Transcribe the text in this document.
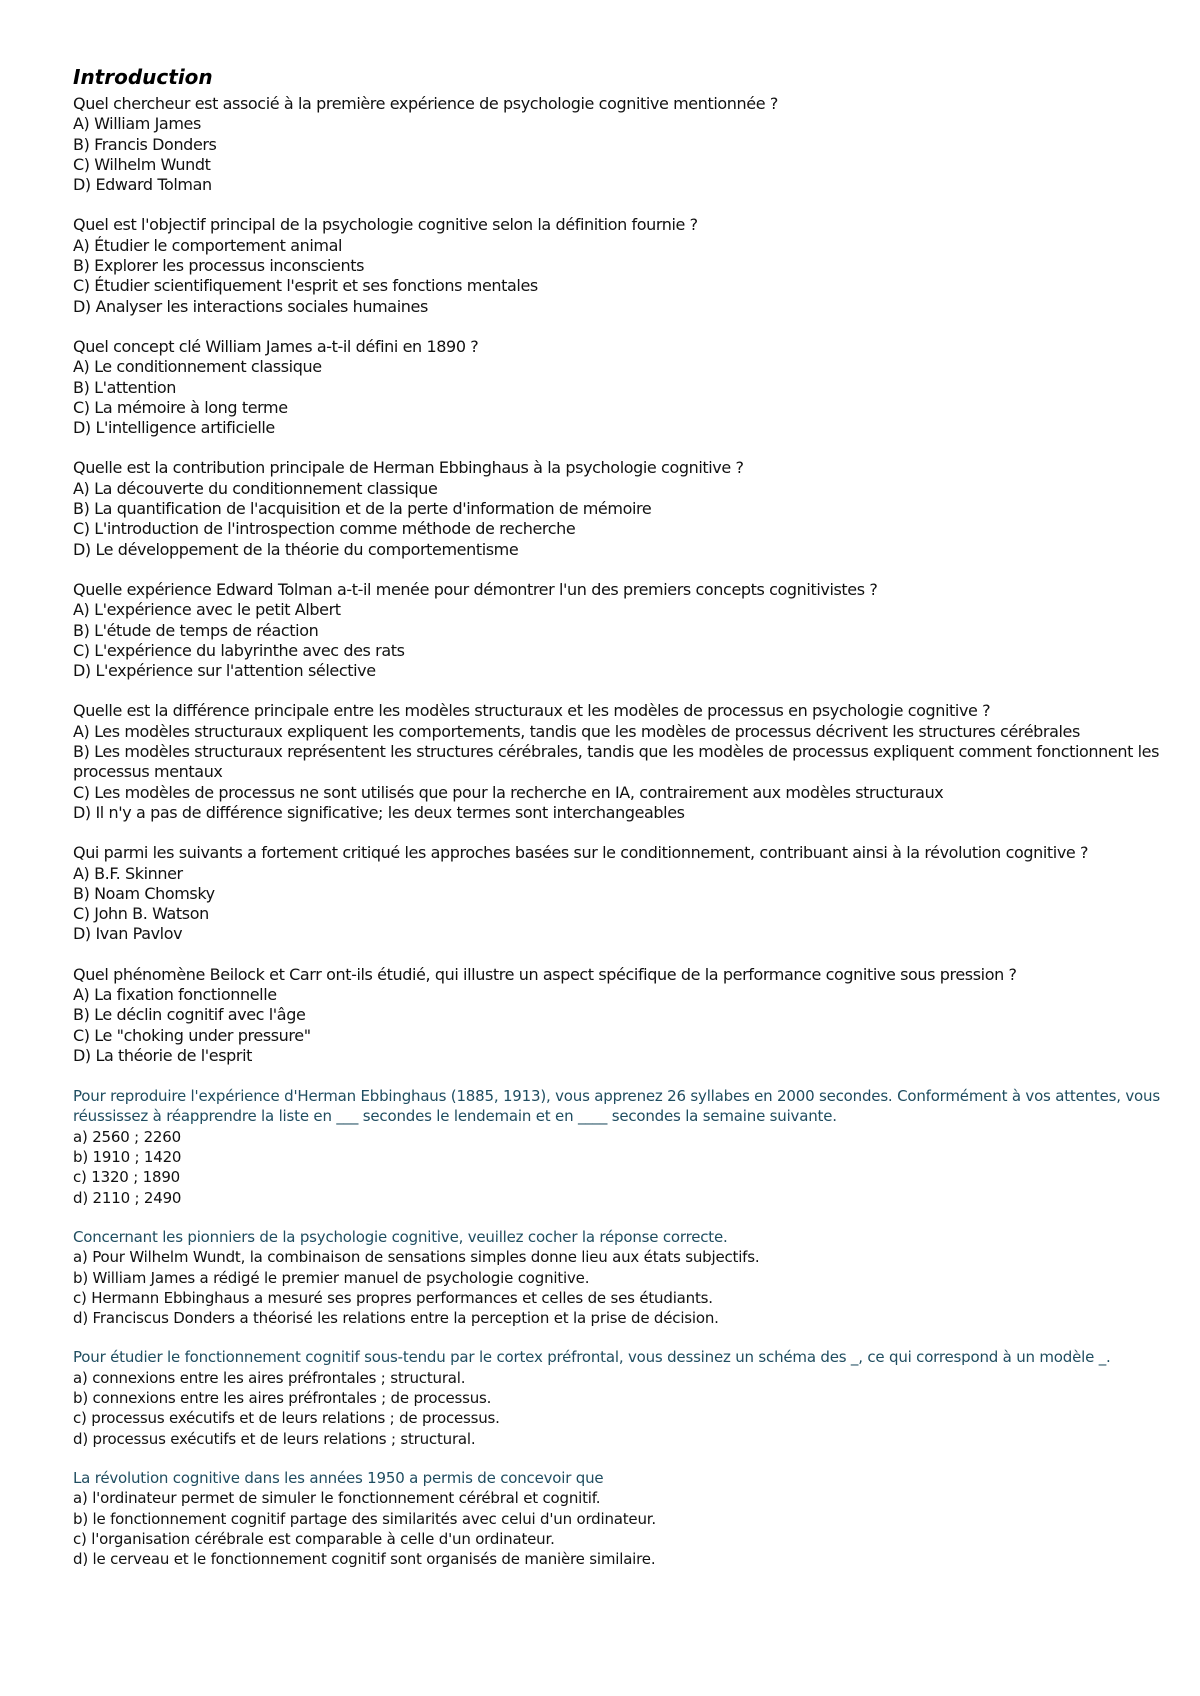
Introduction
Quel chercheur est associé à la première expérience de psychologie cognitive mentionnée ?
A) William James
B) Francis Donders
C) Wilhelm Wundt
D) Edward Tolman
Quel est l'objectif principal de la psychologie cognitive selon la définition fournie ?
A) Étudier le comportement animal
B) Explorer les processus inconscients
C) Étudier scientifiquement l'esprit et ses fonctions mentales
D) Analyser les interactions sociales humaines
Quel concept clé William James a-t-il défini en 1890 ?
A) Le conditionnement classique
B) L'attention
C) La mémoire à long terme
D) L'intelligence artificielle
Quelle est la contribution principale de Herman Ebbinghaus à la psychologie cognitive ?
A) La découverte du conditionnement classique
B) La quantification de l'acquisition et de la perte d'information de mémoire
C) L'introduction de l'introspection comme méthode de recherche
D) Le développement de la théorie du comportementisme
Quelle expérience Edward Tolman a-t-il menée pour démontrer l'un des premiers concepts cognitivistes ?
A) L'expérience avec le petit Albert
B) L'étude de temps de réaction
C) L'expérience du labyrinthe avec des rats
D) L'expérience sur l'attention sélective
Quelle est la différence principale entre les modèles structuraux et les modèles de processus en psychologie cognitive ?
A) Les modèles structuraux expliquent les comportements, tandis que les modèles de processus décrivent les structures cérébrales
B) Les modèles structuraux représentent les structures cérébrales, tandis que les modèles de processus expliquent comment fonctionnent les processus mentaux
C) Les modèles de processus ne sont utilisés que pour la recherche en IA, contrairement aux modèles structuraux
D) Il n'y a pas de différence significative; les deux termes sont interchangeables
Qui parmi les suivants a fortement critiqué les approches basées sur le conditionnement, contribuant ainsi à la révolution cognitive ?
A) B.F. Skinner
B) Noam Chomsky
C) John B. Watson
D) Ivan Pavlov
Quel phénomène Beilock et Carr ont-ils étudié, qui illustre un aspect spécifique de la performance cognitive sous pression ?
A) La fixation fonctionnelle
B) Le déclin cognitif avec l'âge
C) Le "choking under pressure"
D) La théorie de l'esprit
Pour reproduire l'expérience d'Herman Ebbinghaus (1885, 1913), vous apprenez 26 syllabes en 2000 secondes. Conformément à vos attentes, vous réussissez à réapprendre la liste en ___ secondes le lendemain et en ____ secondes la semaine suivante.
a) 2560 ; 2260
b) 1910 ; 1420
c) 1320 ; 1890
d) 2110 ; 2490
Concernant les pionniers de la psychologie cognitive, veuillez cocher la réponse correcte.
a) Pour Wilhelm Wundt, la combinaison de sensations simples donne lieu aux états subjectifs.
b) William James a rédigé le premier manuel de psychologie cognitive.
c) Hermann Ebbinghaus a mesuré ses propres performances et celles de ses étudiants.
d) Franciscus Donders a théorisé les relations entre la perception et la prise de décision.
Pour étudier le fonctionnement cognitif sous-tendu par le cortex préfrontal, vous dessinez un schéma des _, ce qui correspond à un modèle _.
a) connexions entre les aires préfrontales ; structural.
b) connexions entre les aires préfrontales ; de processus.
c) processus exécutifs et de leurs relations ; de processus.
d) processus exécutifs et de leurs relations ; structural.
La révolution cognitive dans les années 1950 a permis de concevoir que
a) l'ordinateur permet de simuler le fonctionnement cérébral et cognitif.
b) le fonctionnement cognitif partage des similarités avec celui d'un ordinateur.
c) l'organisation cérébrale est comparable à celle d'un ordinateur.
d) le cerveau et le fonctionnement cognitif sont organisés de manière similaire.
